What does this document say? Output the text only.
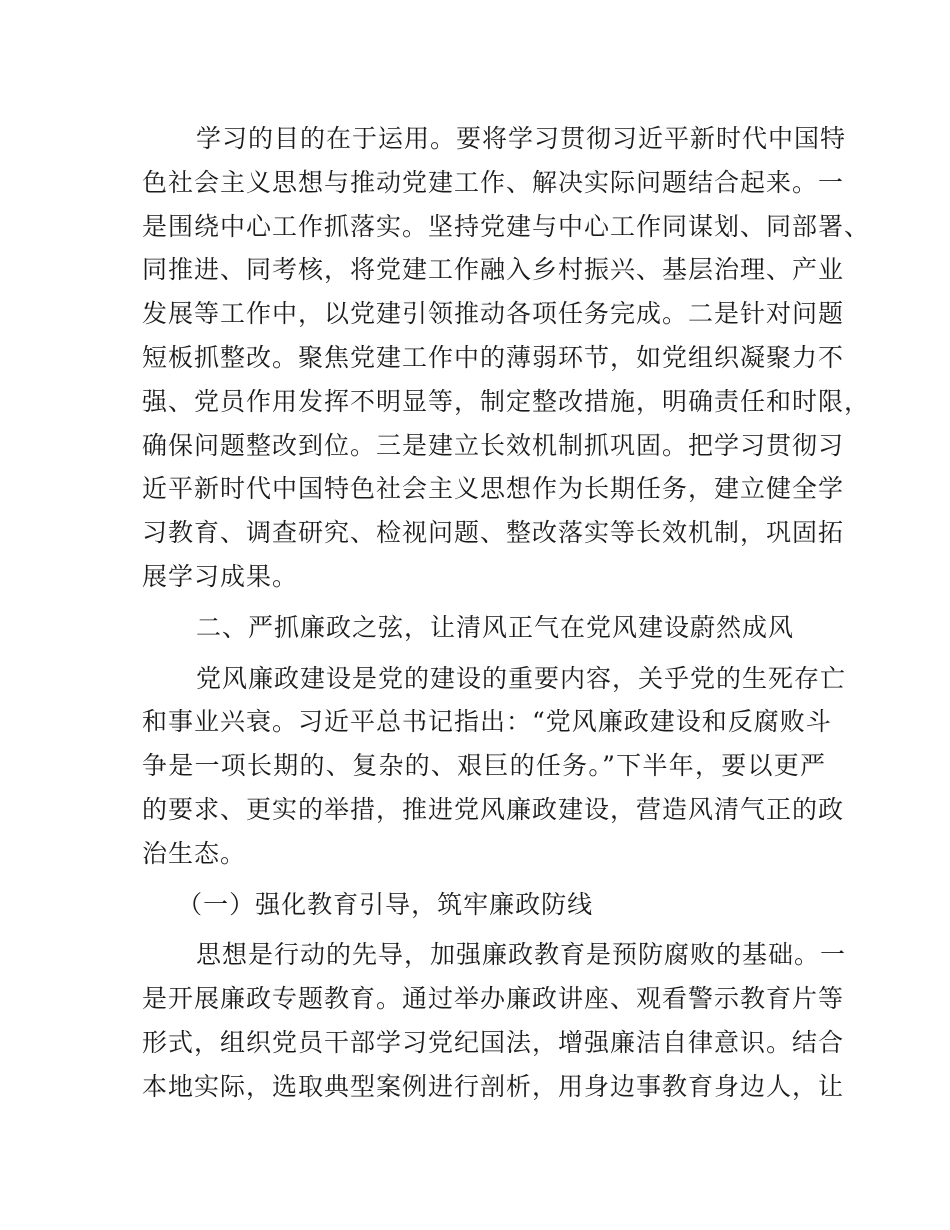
学习的目的在于运用。要将学习贯彻习近平新时代中国特
色社会主义思想与推动党建工作、解决实际问题结合起来。一
是围绕中心工作抓落实。坚持党建与中心工作同谋划、同部署、
同推进、同考核，将党建工作融入乡村振兴、基层治理、产业
发展等工作中，以党建引领推动各项任务完成。二是针对问题
短板抓整改。聚焦党建工作中的薄弱环节，如党组织凝聚力不
强、党员作用发挥不明显等，制定整改措施，明确责任和时限，
确保问题整改到位。三是建立长效机制抓巩固。把学习贯彻习
近平新时代中国特色社会主义思想作为长期任务，建立健全学
习教育、调查研究、检视问题、整改落实等长效机制，巩固拓
展学习成果。
二、严抓廉政之弦，让清风正气在党风建设蔚然成风
党风廉政建设是党的建设的重要内容，关乎党的生死存亡
和事业兴衰。习近平总书记指出：“党风廉政建设和反腐败斗
争是一项长期的、复杂的、艰巨的任务。”下半年，要以更严
的要求、更实的举措，推进党风廉政建设，营造风清气正的政
治生态。
（一）强化教育引导，筑牢廉政防线
思想是行动的先导，加强廉政教育是预防腐败的基础。一
是开展廉政专题教育。通过举办廉政讲座、观看警示教育片等
形式，组织党员干部学习党纪国法，增强廉洁自律意识。结合
本地实际，选取典型案例进行剖析，用身边事教育身边人，让
